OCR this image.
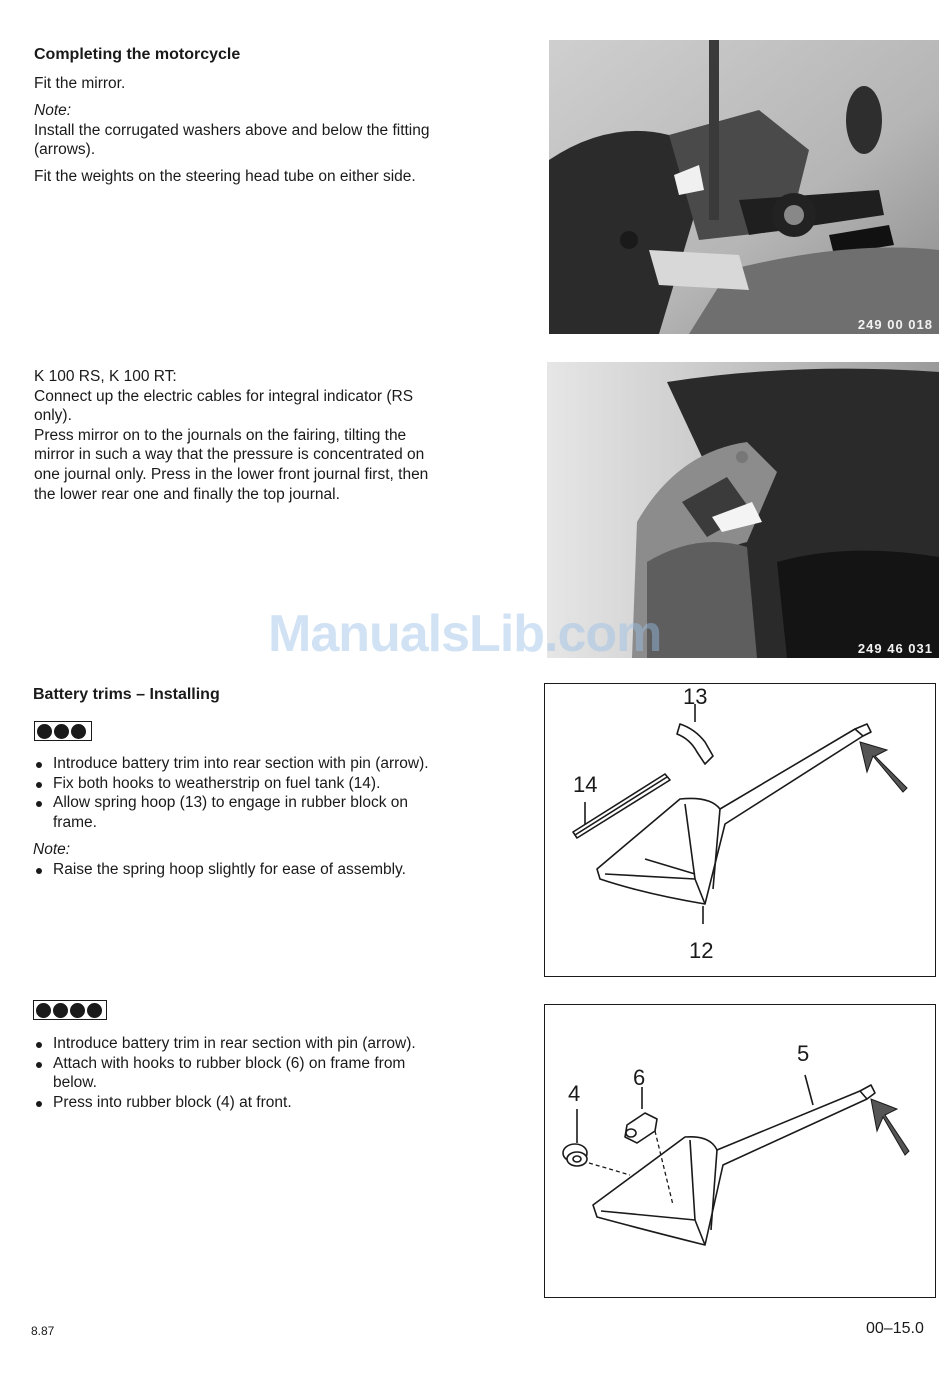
Completing the motorcycle
Fit the mirror.
Note:
Install the corrugated washers above and below the fitting
(arrows).
Fit the weights on the steering head tube on either side.
249 00 018
K 100 RS, K 100 RT:
Connect up the electric cables for integral indicator (RS
only).
Press mirror on to the journals on the fairing, tilting the
mirror in such a way that the pressure is concentrated on
one journal only. Press in the lower front journal first, then
the lower rear one and finally the top journal.
249 46 031
ManualsLib.com
Battery trims – Installing
Introduce battery trim into rear section with pin (arrow).
Fix both hooks to weatherstrip on fuel tank (14).
Allow spring hoop (13) to engage in rubber block on
frame.
Note:
Raise the spring hoop slightly for ease of assembly.
13
14
12
Introduce battery trim in rear section with pin (arrow).
Attach with hooks to rubber block (6) on frame from
below.
Press into rubber block (4) at front.
5
6
4
8.87	00–15.0
